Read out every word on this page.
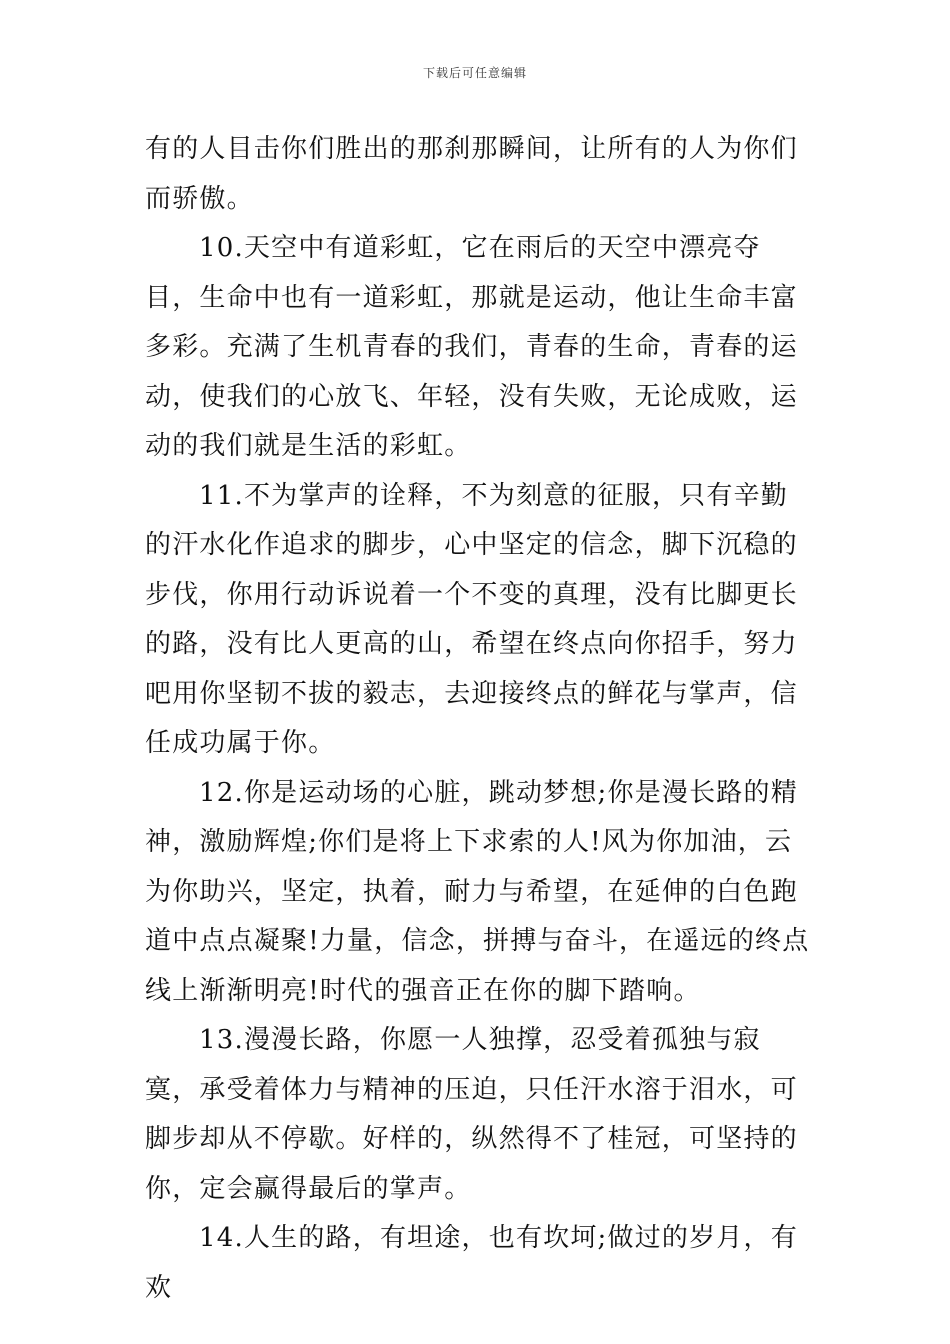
下载后可任意编辑

有的人目击你们胜出的那刹那瞬间，让所有的人为你们而骄傲。

10.天空中有道彩虹，它在雨后的天空中漂亮夺目，生命中也有一道彩虹，那就是运动，他让生命丰富多彩。充满了生机青春的我们，青春的生命，青春的运动，使我们的心放飞、年轻，没有失败，无论成败，运动的我们就是生活的彩虹。

11.不为掌声的诠释，不为刻意的征服，只有辛勤的汗水化作追求的脚步，心中坚定的信念，脚下沉稳的步伐，你用行动诉说着一个不变的真理，没有比脚更长的路，没有比人更高的山，希望在终点向你招手，努力吧用你坚韧不拔的毅志，去迎接终点的鲜花与掌声，信任成功属于你。

12.你是运动场的心脏，跳动梦想;你是漫长路的精神，激励辉煌;你们是将上下求索的人!风为你加油，云为你助兴，坚定，执着，耐力与希望，在延伸的白色跑道中点点凝聚!力量，信念，拼搏与奋斗，在遥远的终点线上渐渐明亮!时代的强音正在你的脚下踏响。

13.漫漫长路，你愿一人独撑，忍受着孤独与寂寞，承受着体力与精神的压迫，只任汗水溶于泪水，可脚步却从不停歇。好样的，纵然得不了桂冠，可坚持的你，定会赢得最后的掌声。

14.人生的路，有坦途，也有坎坷;做过的岁月，有欢
